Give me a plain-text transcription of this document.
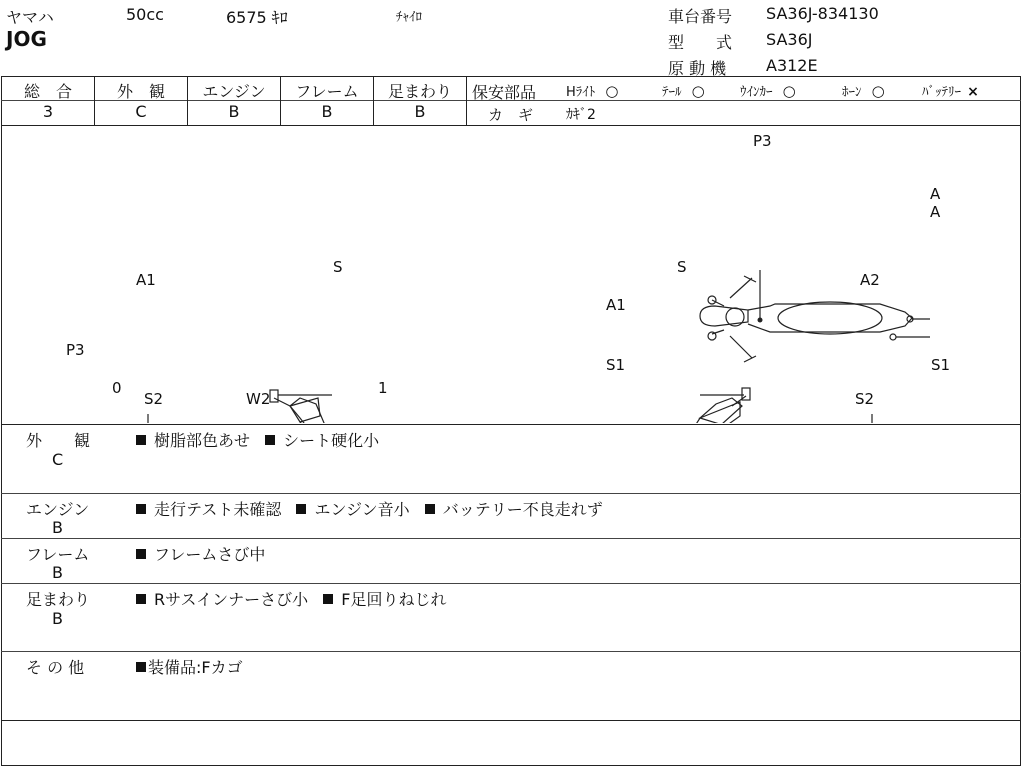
ヤマハ	50cc	6575 ｷﾛ	ﾁｬｲﾛ
JOG
車台番号 SA36J-834130
型　　式 SA36J
原 動 機 A312E
総　合	外　観	エンジン	フレーム	足まわり
3	C	B	B	B
保安部品 Hﾗｲﾄ ○	ﾃｰﾙ ○	ｳｲﾝｶｰ ○	ﾎｰﾝ ○	ﾊﾞｯﾃﾘｰ ×
カ　ギ ｶｷﾞ2
P3
A
A
A1
S
P3
0	1
S2	W2
S
A2
A1
S1	S1
S2
外　　観
C
樹脂部色あせ シート硬化小
エンジン
B
走行テスト未確認 エンジン音小 バッテリー不良走れず
フレーム
B
フレームさび中
足まわり
B
Rサスインナーさび小 F足回りねじれ
そ の 他	装備品:Fカゴ
